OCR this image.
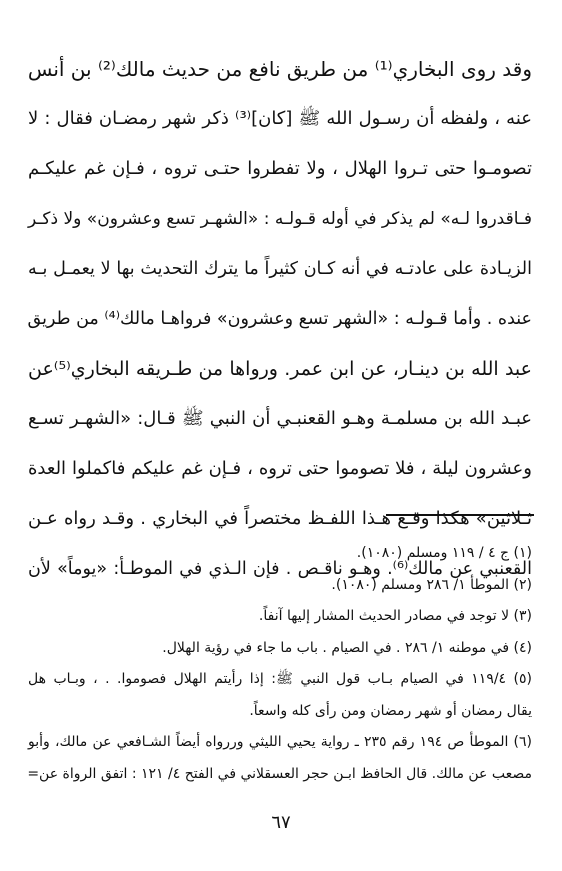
وقد روى البخاري⁽¹⁾ من طريق نافع من حديث مالك⁽²⁾ بن أنس
عنه ، ولفظه أن رسـول الله ﷺ [كان]⁽³⁾ ذكر شهر رمضـان فقال : لا
تصومـوا حتى تـروا الهلال ، ولا تفطروا حتـى تروه ، فـإن غم عليكـم
فـاقدروا لـه» لم يذكر في أوله قـولـه : «الشهـر تسع وعشرون» ولا ذكـر
الزيـادة على عادتـه في أنه كـان كثيراً ما يترك التحديث بها لا يعمـل بـه
عنده . وأما قـولـه : «الشهر تسع وعشرون» فرواهـا مالك⁽⁴⁾ من طريق
عبد الله بن دينـار، عن ابن عمر. ورواها من طـريقه البخاري⁽⁵⁾عن
عبـد الله بن مسلمـة وهـو القعنبـي أن النبي ﷺ قـال: «الشهـر تسـع
وعشرون ليلة ، فلا تصوموا حتى تروه ، فـإن غم عليكم فاكملوا العدة
ثـلاثين» هكذا وقـع هـذا اللفـظ مختصراً في البخاري . وقـد رواه عـن
القعنبي عن مالك⁽⁶⁾. وهـو ناقـص . فإن الـذي في الموطـأ: «يوماً» لأن
(١) ج ٤ / ١١٩ ومسلم (١٠٨٠).
(٢) الموطأ ١/ ٢٨٦ ومسلم (١٠٨٠).
(٣) لا توجد في مصادر الحديث المشار إليها آنفاً.
(٤) في موطنه ١/ ٢٨٦ . في الصيام . باب ما جاء في رؤية الهلال.
(٥) ١١٩/٤ في الصيام بـاب قول النبي ﷺ: إذا رأيتم الهلال فصوموا. . ، وبـاب هل
يقال رمضان أو شهر رمضان ومن رأى كله واسعاً.
(٦) الموطأ ص ١٩٤ رقم ٢٣٥ ـ رواية يحيي الليثي وررواه أيضاً الشـافعي عن مالك، وأبو
مصعب عن مالك. قال الحافظ ابـن حجر العسقلاني في الفتح ٤/ ١٢١ : اتفق الرواة عن=
٦٧
